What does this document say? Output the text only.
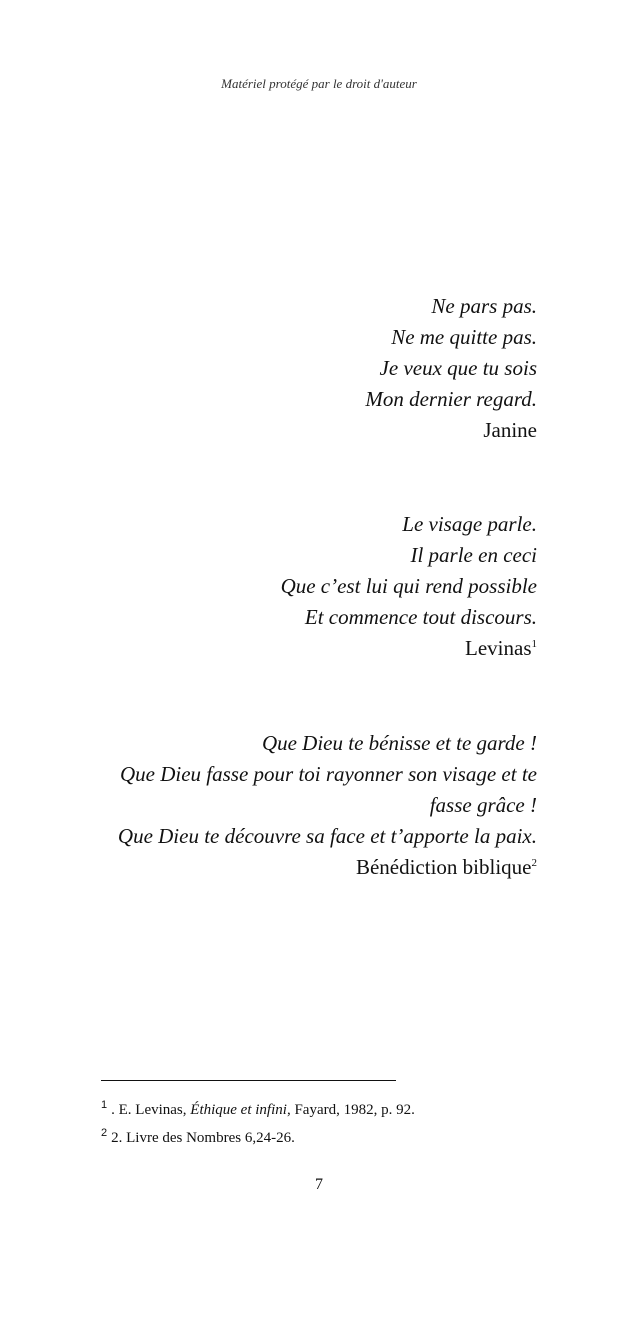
Matériel protégé par le droit d'auteur
Ne pars pas.
Ne me quitte pas.
Je veux que tu sois
Mon dernier regard.
Janine
Le visage parle.
Il parle en ceci
Que c’est lui qui rend possible
Et commence tout discours.
Levinas$^1$
Que Dieu te bénisse et te garde !
Que Dieu fasse pour toi rayonner son visage et te
fasse grâce !
Que Dieu te découvre sa face et t’apporte la paix.
Bénédiction biblique$^2$
$^1$ . E. Levinas, Éthique et infini, Fayard, 1982, p. 92.
$^2$ 2. Livre des Nombres 6,24-26.
7
